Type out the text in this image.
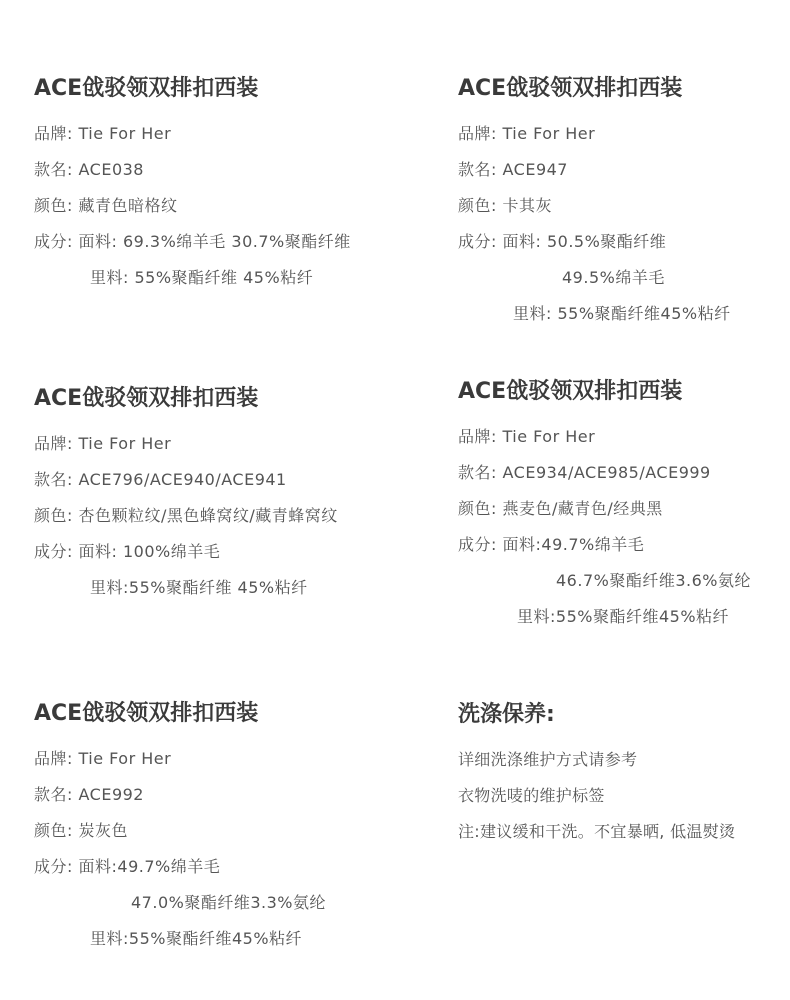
ACE戗驳领双排扣西装
品牌: Tie For Her
款名: ACE038
颜色: 藏青色暗格纹
成分: 面料: 69.3%绵羊毛 30.7%聚酯纤维
里料: 55%聚酯纤维 45%粘纤
ACE戗驳领双排扣西装
品牌: Tie For Her
款名: ACE947
颜色: 卡其灰
成分: 面料: 50.5%聚酯纤维
49.5%绵羊毛
里料: 55%聚酯纤维45%粘纤
ACE戗驳领双排扣西装
品牌: Tie For Her
款名: ACE796/ACE940/ACE941
颜色: 杏色颗粒纹/黑色蜂窝纹/藏青蜂窝纹
成分: 面料: 100%绵羊毛
里料:55%聚酯纤维 45%粘纤
ACE戗驳领双排扣西装
品牌: Tie For Her
款名: ACE934/ACE985/ACE999
颜色: 燕麦色/藏青色/经典黑
成分: 面料:49.7%绵羊毛
46.7%聚酯纤维3.6%氨纶
里料:55%聚酯纤维45%粘纤
ACE戗驳领双排扣西装
品牌: Tie For Her
款名: ACE992
颜色: 炭灰色
成分: 面料:49.7%绵羊毛
47.0%聚酯纤维3.3%氨纶
里料:55%聚酯纤维45%粘纤
洗涤保养:
详细洗涤维护方式请参考
衣物洗唛的维护标签
注:建议缓和干洗。不宜暴晒, 低温熨烫
